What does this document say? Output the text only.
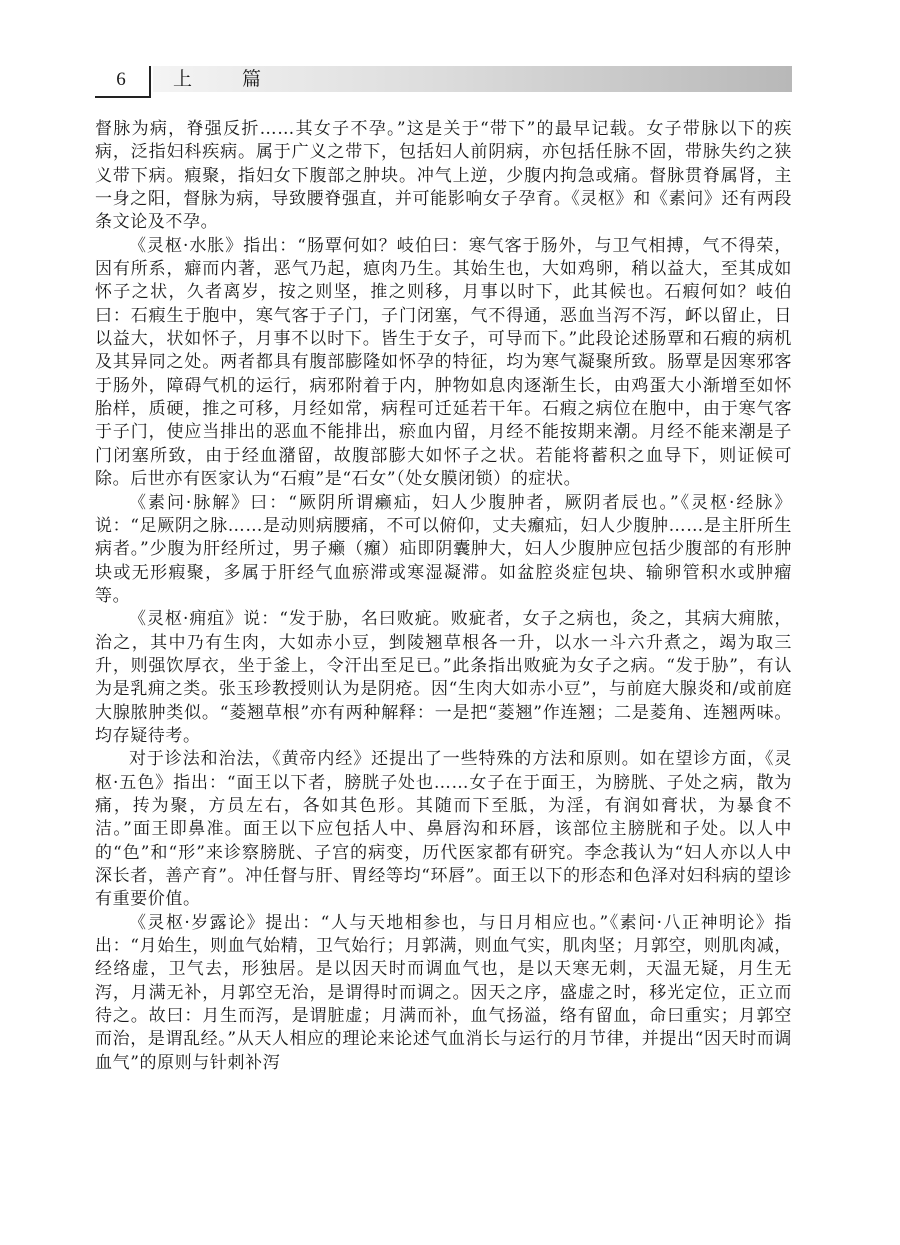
6	上 篇

督脉为病，脊强反折……其女子不孕。”这是关于“带下”的最早记载。女子带脉以下的疾病，泛指妇科疾病。属于广义之带下，包括妇人前阴病，亦包括任脉不固，带脉失约之狭义带下病。瘕聚，指妇女下腹部之肿块。冲气上逆，少腹内拘急或痛。督脉贯脊属肾，主一身之阳，督脉为病，导致腰脊强直，并可能影响女子孕育。《灵枢》和《素问》还有两段条文论及不孕。

《灵枢·水胀》指出：“肠覃何如？岐伯曰：寒气客于肠外，与卫气相搏，气不得荣，因有所系，癖而内著，恶气乃起，瘜肉乃生。其始生也，大如鸡卵，稍以益大，至其成如怀子之状，久者离岁，按之则坚，推之则移，月事以时下，此其候也。石瘕何如？岐伯曰：石瘕生于胞中，寒气客于子门，子门闭塞，气不得通，恶血当泻不泻，衃以留止，日以益大，状如怀子，月事不以时下。皆生于女子，可导而下。”此段论述肠覃和石瘕的病机及其异同之处。两者都具有腹部膨隆如怀孕的特征，均为寒气凝聚所致。肠覃是因寒邪客于肠外，障碍气机的运行，病邪附着于内，肿物如息肉逐渐生长，由鸡蛋大小渐增至如怀胎样，质硬，推之可移，月经如常，病程可迁延若干年。石瘕之病位在胞中，由于寒气客于子门，使应当排出的恶血不能排出，瘀血内留，月经不能按期来潮。月经不能来潮是子门闭塞所致，由于经血潴留，故腹部膨大如怀子之状。若能将蓄积之血导下，则证候可除。后世亦有医家认为“石瘕”是“石女”（处女膜闭锁）的症状。

《素问·脉解》曰：“厥阴所谓癞疝，妇人少腹肿者，厥阴者辰也。”《灵枢·经脉》说：“足厥阴之脉……是动则病腰痛，不可以俯仰，丈夫㿗疝，妇人少腹肿……是主肝所生病者。”少腹为肝经所过，男子癞（㿗）疝即阴囊肿大，妇人少腹肿应包括少腹部的有形肿块或无形瘕聚，多属于肝经气血瘀滞或寒湿凝滞。如盆腔炎症包块、输卵管积水或肿瘤等。

《灵枢·痈疽》说：“发于胁，名曰败疵。败疵者，女子之病也，灸之，其病大痈脓，治之，其中乃有生肉，大如赤小豆，剉陵翘草根各一升，以水一斗六升煮之，竭为取三升，则强饮厚衣，坐于釜上，令汗出至足已。”此条指出败疵为女子之病。“发于胁”，有认为是乳痈之类。张玉珍教授则认为是阴疮。因“生肉大如赤小豆”，与前庭大腺炎和/或前庭大腺脓肿类似。“菱翘草根”亦有两种解释：一是把“菱翘”作连翘；二是菱角、连翘两味。均存疑待考。

对于诊法和治法，《黄帝内经》还提出了一些特殊的方法和原则。如在望诊方面，《灵枢·五色》指出：“面王以下者，膀胱子处也……女子在于面王，为膀胱、子处之病，散为痛，抟为聚，方员左右，各如其色形。其随而下至胝，为淫，有润如膏状，为暴食不洁。”面王即鼻准。面王以下应包括人中、鼻唇沟和环唇，该部位主膀胱和子处。以人中的“色”和“形”来诊察膀胱、子宫的病变，历代医家都有研究。李念莪认为“妇人亦以人中深长者，善产育”。冲任督与肝、胃经等均“环唇”。面王以下的形态和色泽对妇科病的望诊有重要价值。

《灵枢·岁露论》提出：“人与天地相参也，与日月相应也。”《素问·八正神明论》指出：“月始生，则血气始精，卫气始行；月郭满，则血气实，肌肉坚；月郭空，则肌肉减，经络虚，卫气去，形独居。是以因天时而调血气也，是以天寒无刺，天温无疑，月生无泻，月满无补，月郭空无治，是谓得时而调之。因天之序，盛虚之时，移光定位，正立而待之。故曰：月生而泻，是谓脏虚；月满而补，血气扬溢，络有留血，命曰重实；月郭空而治，是谓乱经。”从天人相应的理论来论述气血消长与运行的月节律，并提出“因天时而调血气”的原则与针刺补泻
